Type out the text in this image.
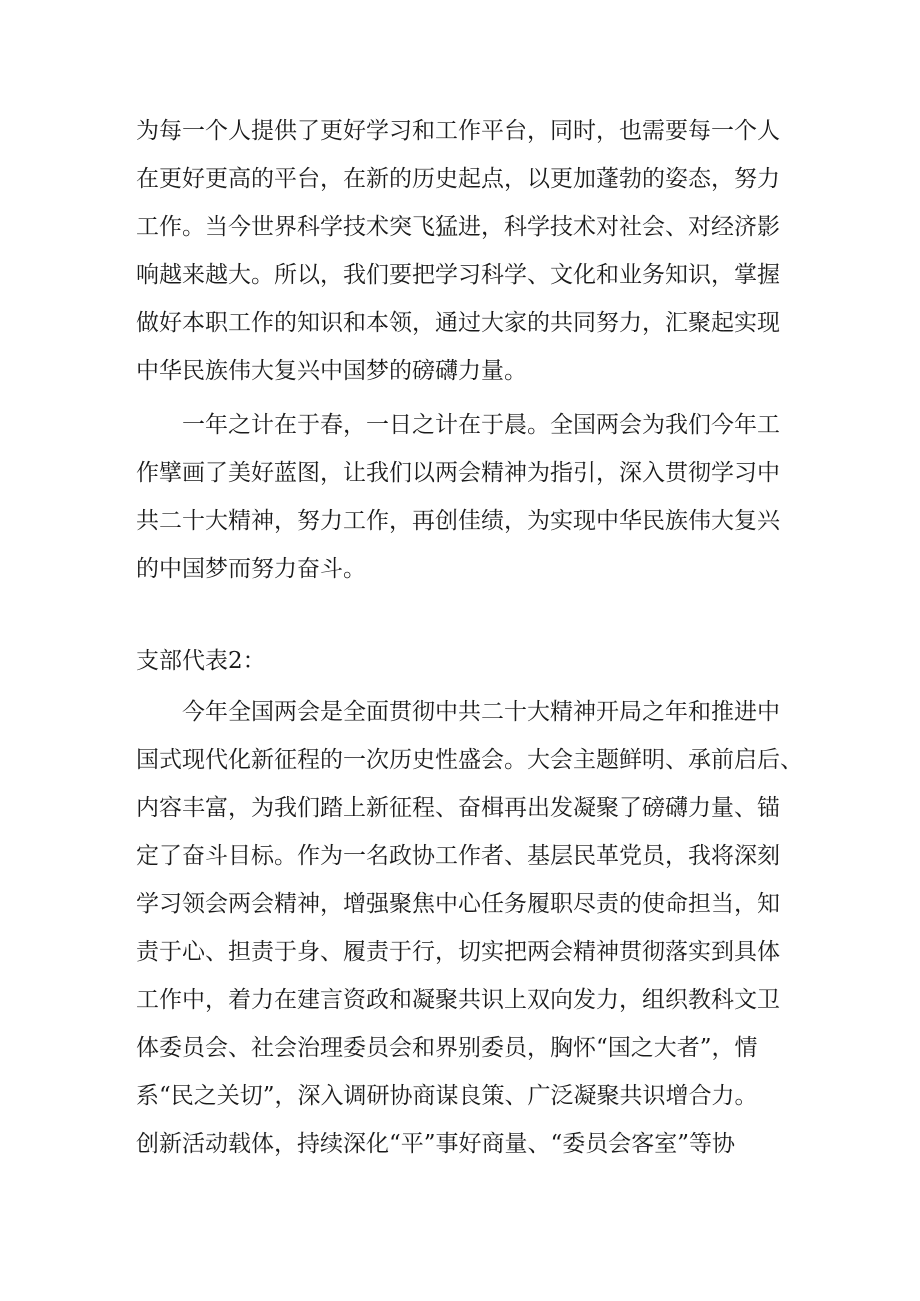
为每一个人提供了更好学习和工作平台，同时，也需要每一个人

在更好更高的平台，在新的历史起点，以更加蓬勃的姿态，努力

工作。当今世界科学技术突飞猛进，科学技术对社会、对经济影

响越来越大。所以，我们要把学习科学、文化和业务知识，掌握

做好本职工作的知识和本领，通过大家的共同努力，汇聚起实现

中华民族伟大复兴中国梦的磅礴力量。

一年之计在于春，一日之计在于晨。全国两会为我们今年工

作擘画了美好蓝图，让我们以两会精神为指引，深入贯彻学习中

共二十大精神，努力工作，再创佳绩，为实现中华民族伟大复兴

的中国梦而努力奋斗。

支部代表2：

今年全国两会是全面贯彻中共二十大精神开局之年和推进中

国式现代化新征程的一次历史性盛会。大会主题鲜明、承前启后、

内容丰富，为我们踏上新征程、奋楫再出发凝聚了磅礴力量、锚

定了奋斗目标。作为一名政协工作者、基层民革党员，我将深刻

学习领会两会精神，增强聚焦中心任务履职尽责的使命担当，知

责于心、担责于身、履责于行，切实把两会精神贯彻落实到具体

工作中，着力在建言资政和凝聚共识上双向发力，组织教科文卫

体委员会、社会治理委员会和界别委员，胸怀“国之大者”，情

系“民之关切”，深入调研协商谋良策、广泛凝聚共识增合力。

创新活动载体，持续深化“平”事好商量、“委员会客室”等协
